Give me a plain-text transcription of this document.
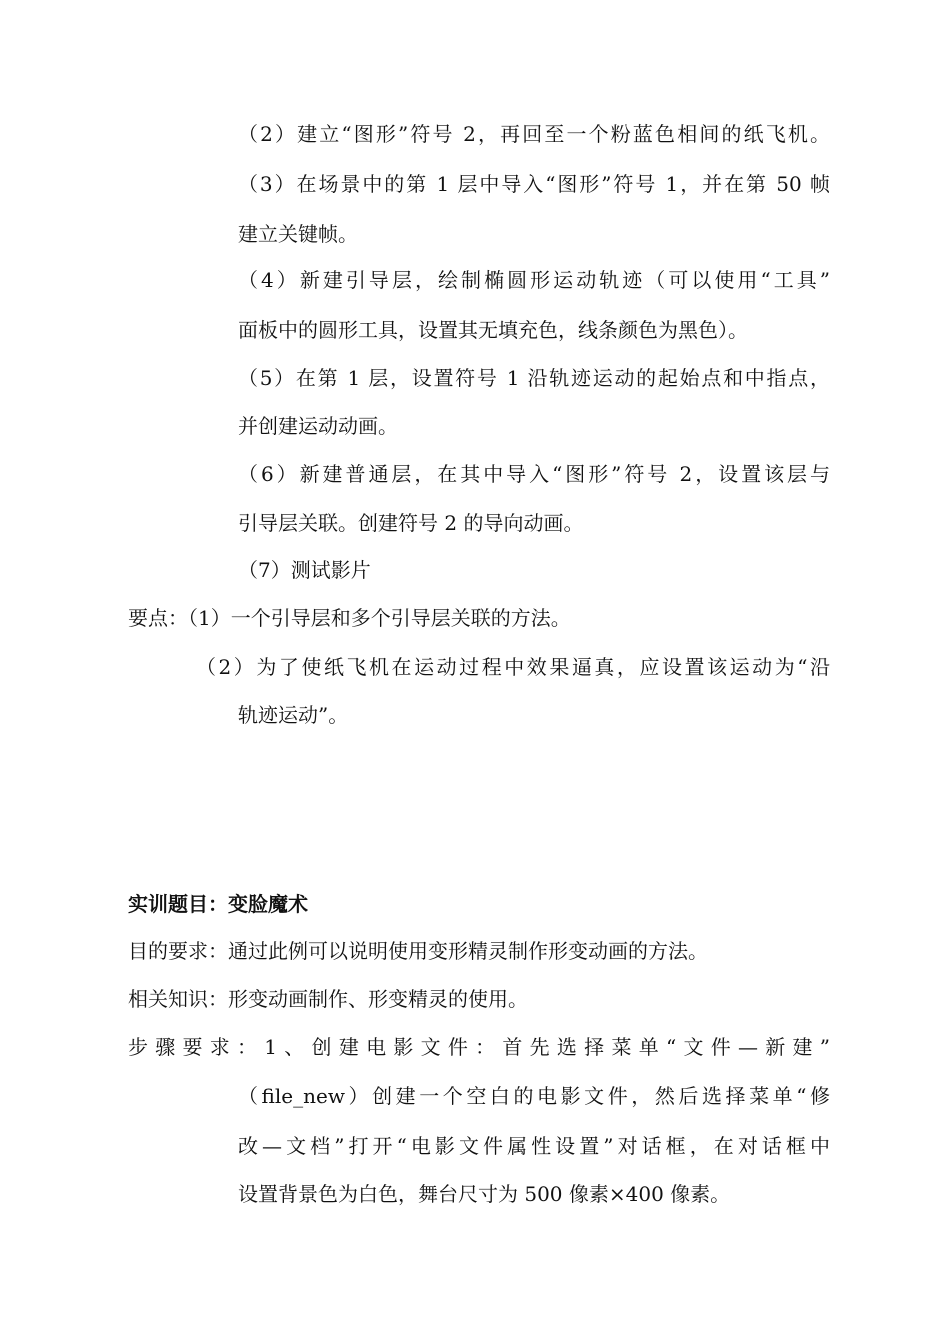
（2）建立“图形”符号 2，再回至一个粉蓝色相间的纸飞机。
（3）在场景中的第 1 层中导入“图形”符号 1，并在第 50 帧
建立关键帧。
（4）新建引导层，绘制椭圆形运动轨迹（可以使用“工具”
面板中的圆形工具，设置其无填充色，线条颜色为黑色）。
（5）在第 1 层，设置符号 1 沿轨迹运动的起始点和中指点，
并创建运动动画。
（6）新建普通层，在其中导入“图形”符号 2，设置该层与
引导层关联。创建符号 2 的导向动画。
（7）测试影片
要点：（1）一个引导层和多个引导层关联的方法。
（2）为了使纸飞机在运动过程中效果逼真，应设置该运动为“沿
轨迹运动”。
实训题目：变脸魔术
目的要求：通过此例可以说明使用变形精灵制作形变动画的方法。
相关知识：形变动画制作、形变精灵的使用。
步骤要求：1、创建电影文件：首先选择菜单“文件—新建”
（file_new）创建一个空白的电影文件，然后选择菜单“修
改—文档”打开“电影文件属性设置”对话框，在对话框中
设置背景色为白色，舞台尺寸为 500 像素×400 像素。
